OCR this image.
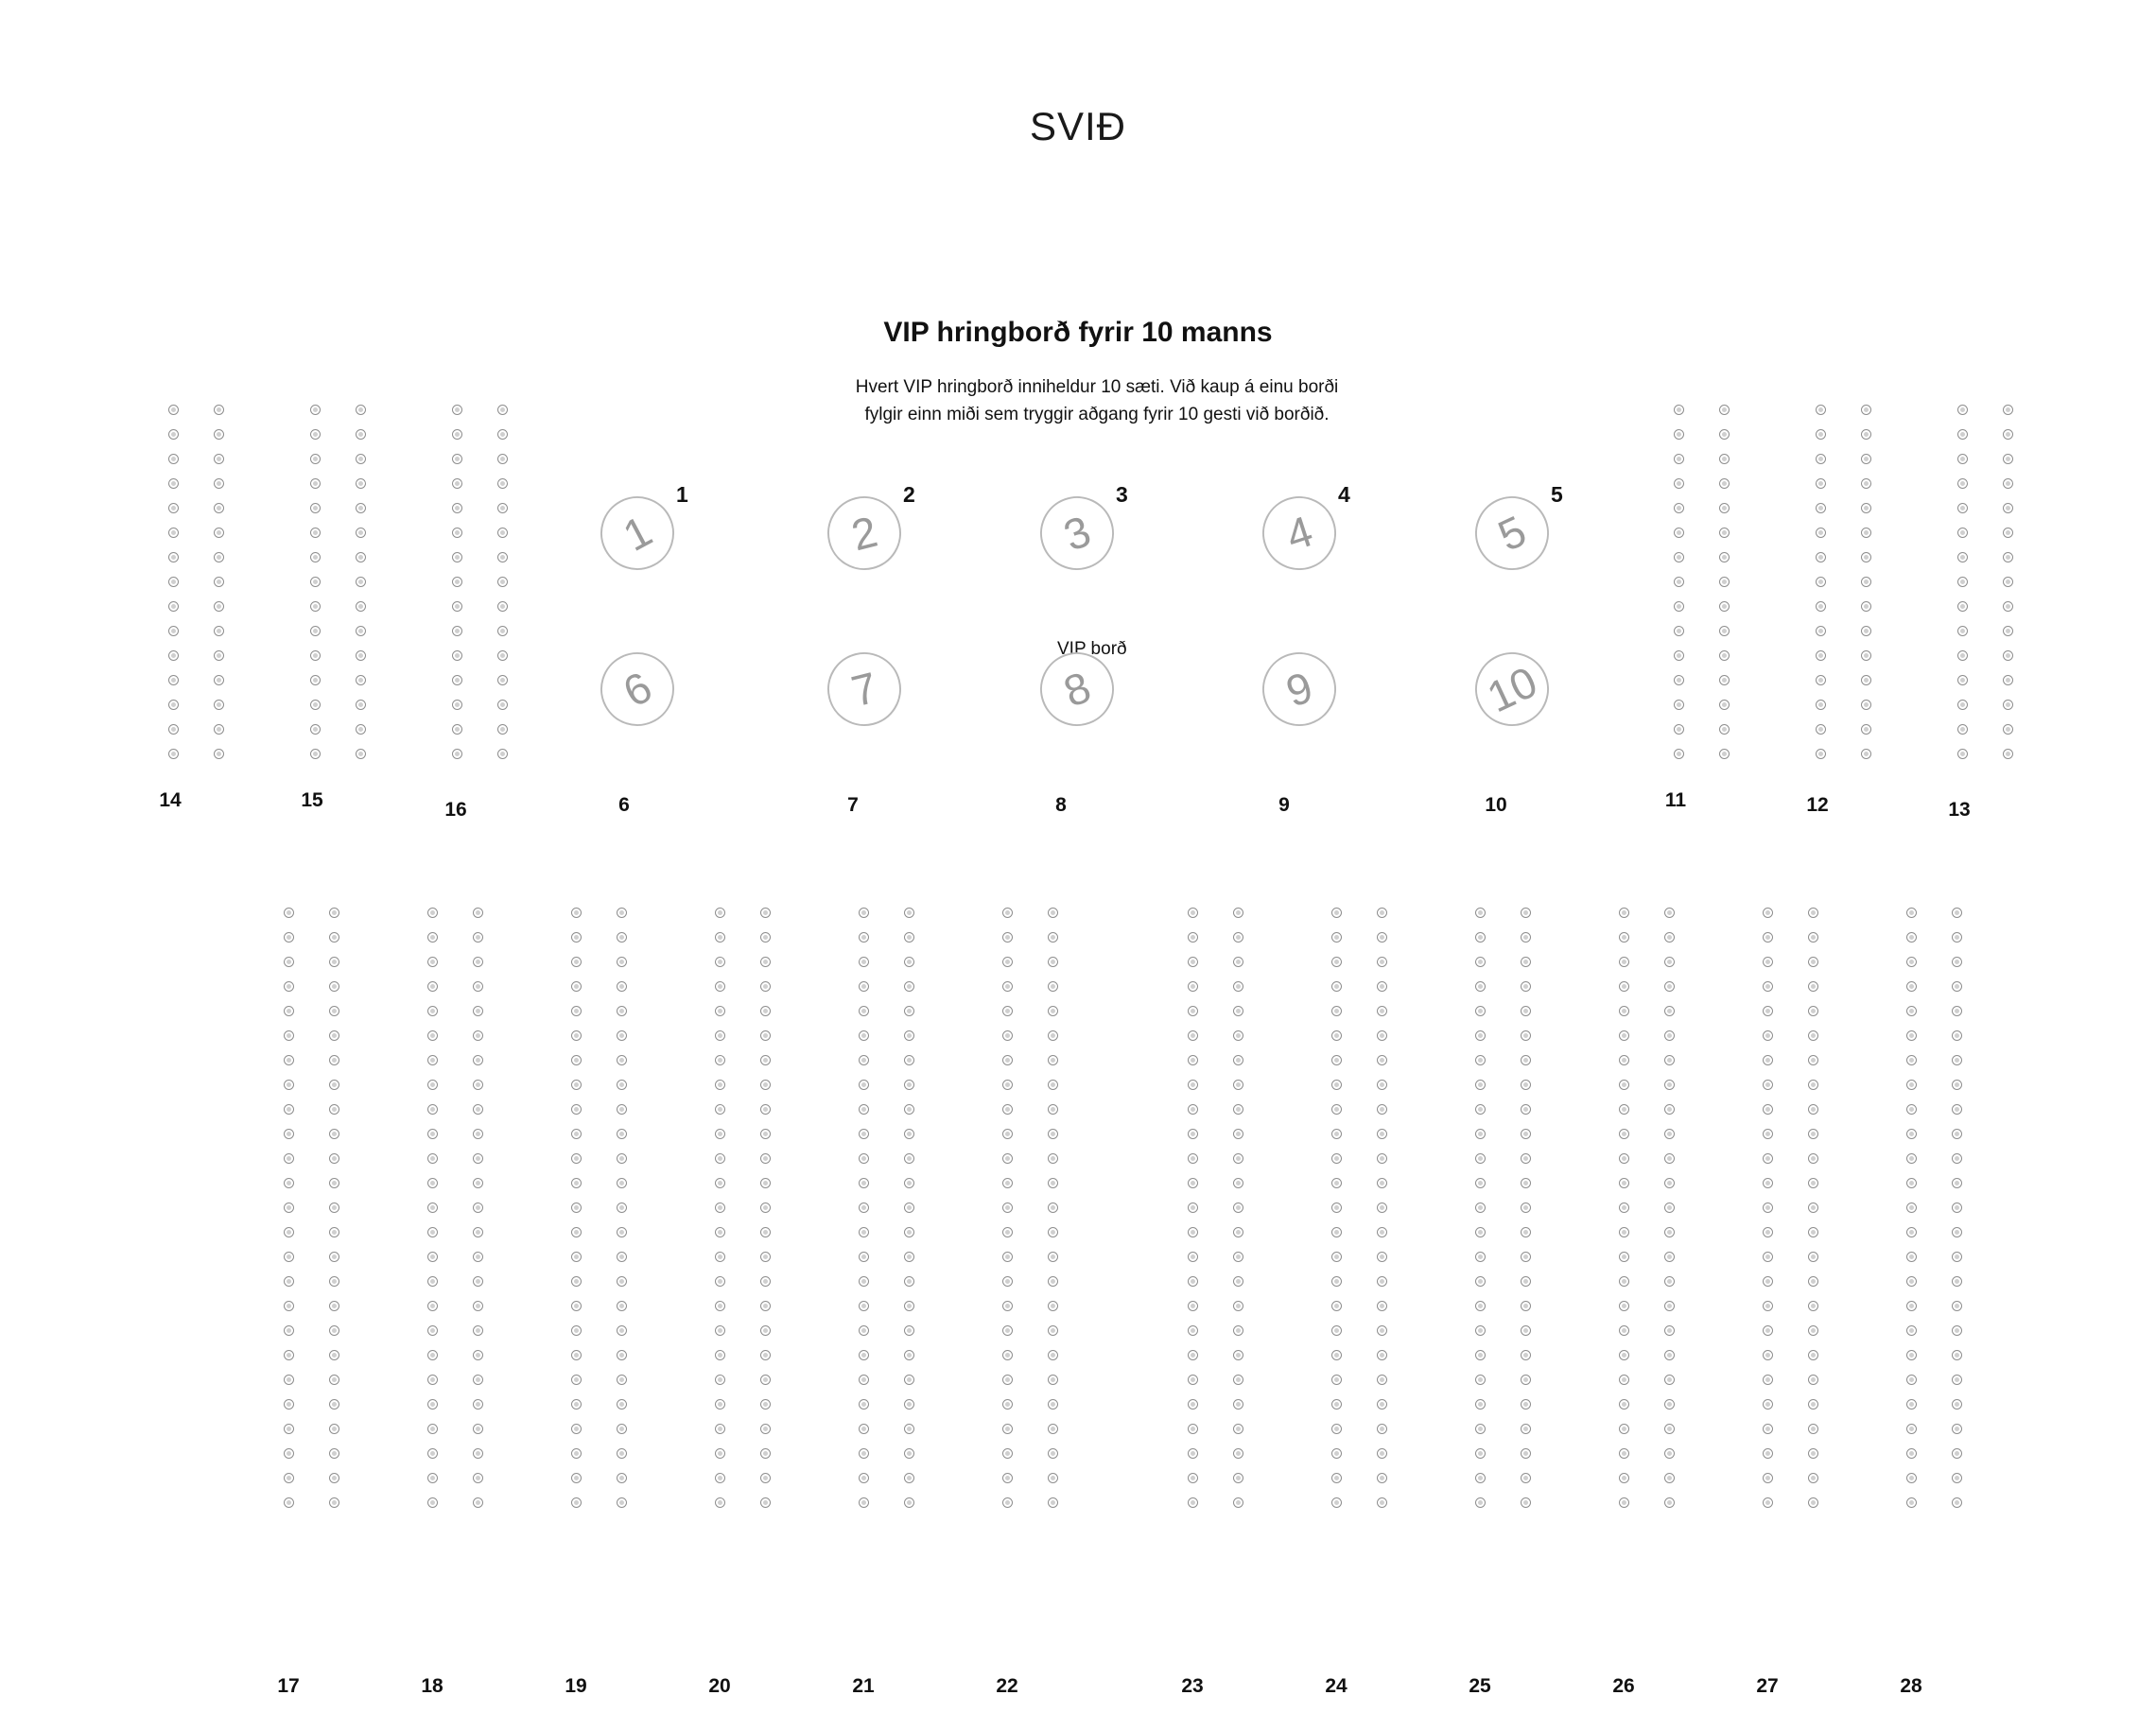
SVIÐ
VIP hringborð fyrir 10 manns
Hvert VIP hringborð inniheldur 10 sæti. Við kaup á einu borði
fylgir einn miði sem tryggir aðgang fyrir 10 gesti við borðið.
VIP borð
14	15	16	6	7	8	9	10	11	12	13
17	18	19	20	21	22	23	24	25	26	27	28
1
1
2
2
3
3
4
4
5
5
6	7	8	9	10
